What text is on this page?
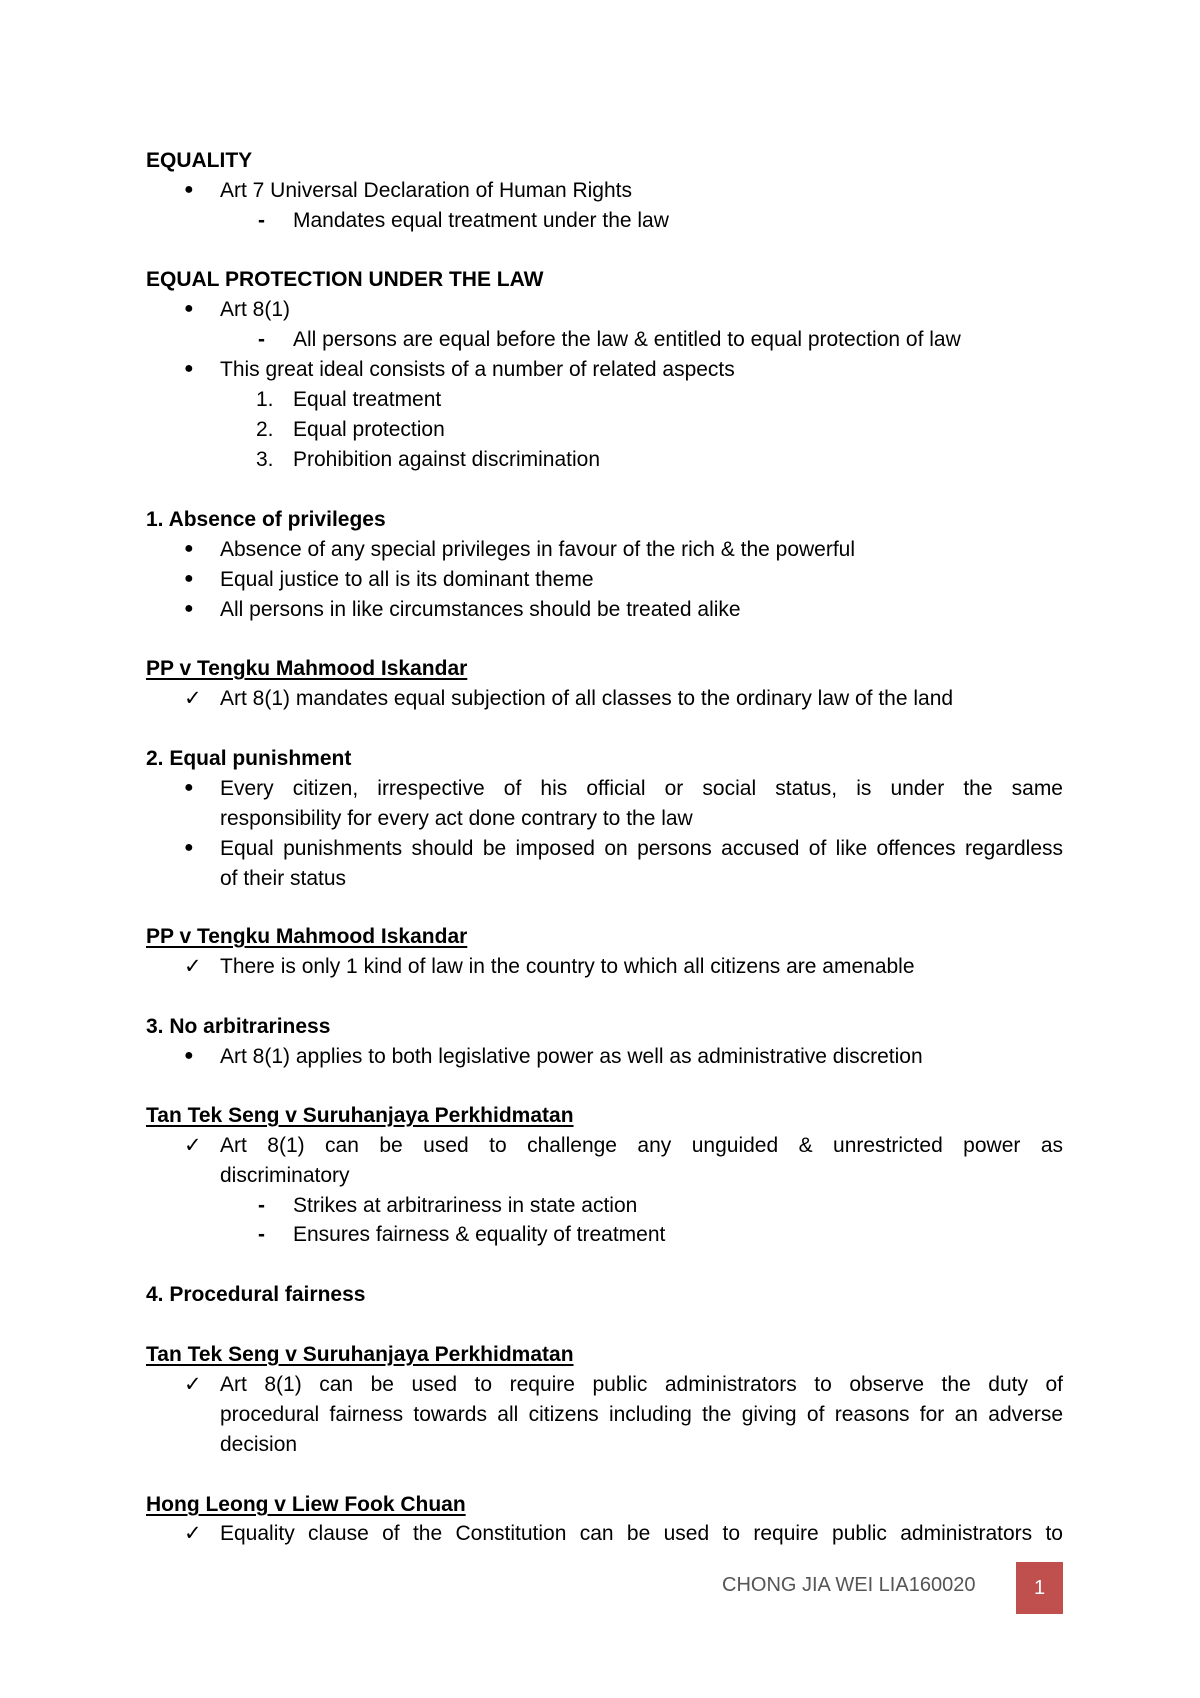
EQUALITY
● Art 7 Universal Declaration of Human Rights
- Mandates equal treatment under the law
EQUAL PROTECTION UNDER THE LAW
● Art 8(1)
- All persons are equal before the law & entitled to equal protection of law
● This great ideal consists of a number of related aspects
1. Equal treatment
2. Equal protection
3. Prohibition against discrimination
1. Absence of privileges
● Absence of any special privileges in favour of the rich & the powerful
● Equal justice to all is its dominant theme
● All persons in like circumstances should be treated alike
PP v Tengku Mahmood Iskandar
✓ Art 8(1) mandates equal subjection of all classes to the ordinary law of the land
2. Equal punishment
● Every citizen, irrespective of his official or social status, is under the same
responsibility for every act done contrary to the law
● Equal punishments should be imposed on persons accused of like offences regardless
of their status
PP v Tengku Mahmood Iskandar
✓ There is only 1 kind of law in the country to which all citizens are amenable
3. No arbitrariness
● Art 8(1) applies to both legislative power as well as administrative discretion
Tan Tek Seng v Suruhanjaya Perkhidmatan
✓ Art 8(1) can be used to challenge any unguided & unrestricted power as
discriminatory
- Strikes at arbitrariness in state action
- Ensures fairness & equality of treatment
4. Procedural fairness
Tan Tek Seng v Suruhanjaya Perkhidmatan
✓ Art 8(1) can be used to require public administrators to observe the duty of
procedural fairness towards all citizens including the giving of reasons for an adverse
decision
Hong Leong v Liew Fook Chuan
✓ Equality clause of the Constitution can be used to require public administrators to
CHONG JIA WEI LIA160020	1
